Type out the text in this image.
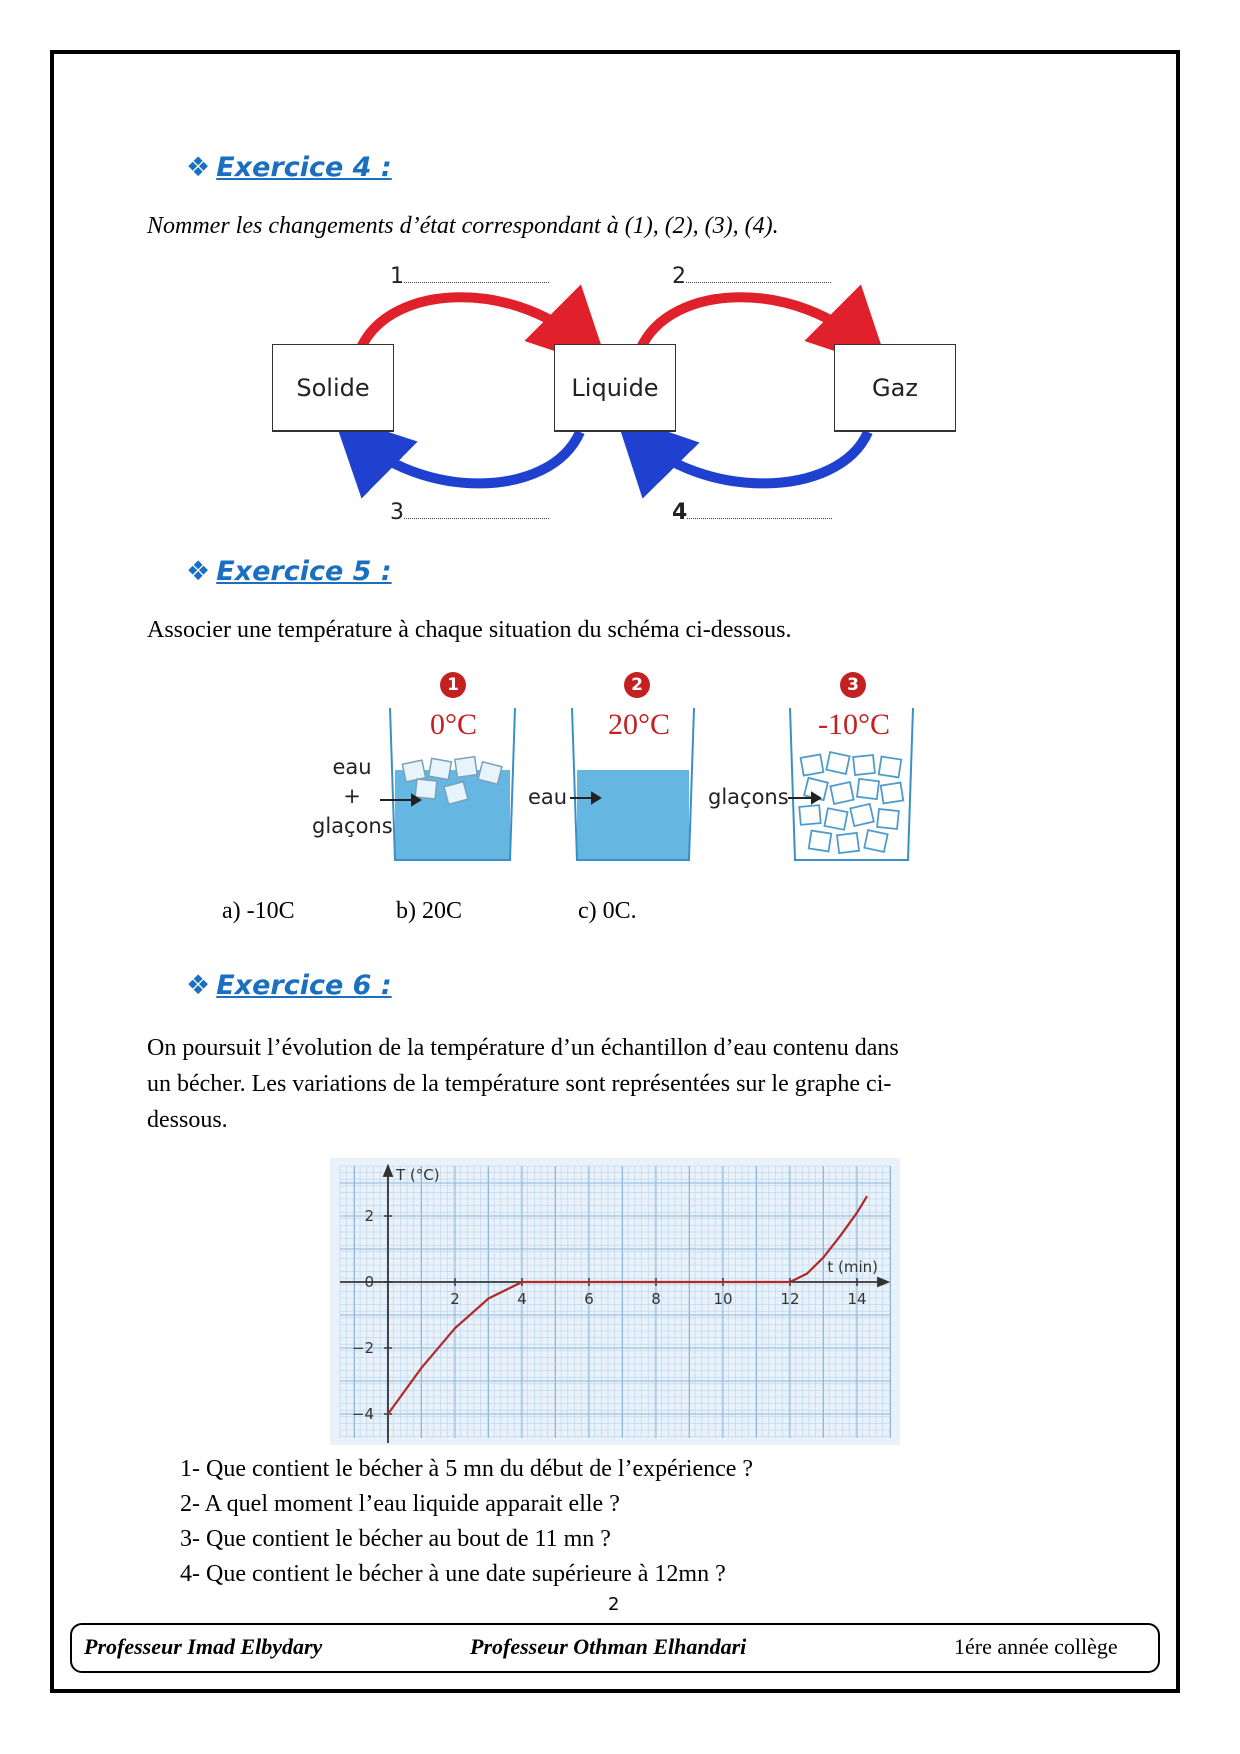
❖ Exercice 4 :
Nommer les changements d’état correspondant à (1), (2), (3), (4).
Solide	Liquide	Gaz
1	2
3	4
❖ Exercice 5 :
Associer une température à chaque situation du schéma ci-dessous.
1	2	3
0°C	20°C	-10°C
eau
+
glaçons
eau	glaçons
a) -10C	b) 20C	c) 0C.
❖ Exercice 6 :
On poursuit l’évolution de la température d’un échantillon d’eau contenu dans
un bécher. Les variations de la température sont représentées sur le graphe ci-
dessous.
2	4	6	8	10	12	14
2
0
−2
−4
T (°C)
t (min)
1- Que contient le bécher à 5 mn du début de l’expérience ?
2- A quel moment l’eau liquide apparait elle ?
3- Que contient le bécher au bout de 11 mn ?
4- Que contient le bécher à une date supérieure à 12mn ?
2
Professeur Imad Elbydary	Professeur Othman Elhandari	1ére année collège
